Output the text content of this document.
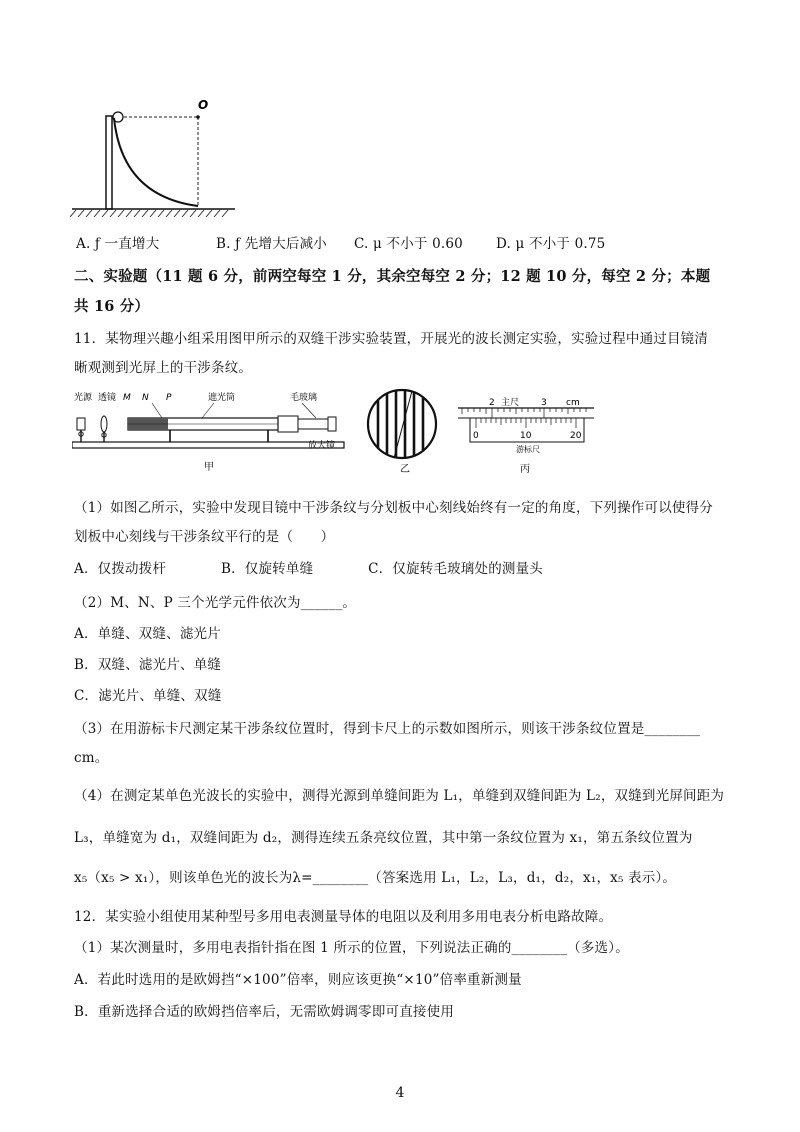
O
A. ƒ 一直增大	B. ƒ 先增大后减小 C. μ 不小于 0.60 D. μ 不小于 0.75
二、实验题（11 题 6 分，前两空每空 1 分，其余空每空 2 分；12 题 10 分，每空 2 分；本题
共 16 分）
11．某物理兴趣小组采用图甲所示的双缝干涉实验装置，开展光的波长测定实验，实验过程中通过目镜清
晰观测到光屏上的干涉条纹。
光源 透镜 M N P	遮光筒	毛玻璃
放大镜
甲	乙
2 主尺 3 cm
0	10	20
游标尺
丙
（1）如图乙所示，实验中发现目镜中干涉条纹与分划板中心刻线始终有一定的角度，下列操作可以使得分
划板中心刻线与干涉条纹平行的是（　　）
A．仅拨动拨杆　　　　B．仅旋转单缝　　　　C．仅旋转毛玻璃处的测量头
（2）M、N、P 三个光学元件依次为______。
A．单缝、双缝、滤光片
B．双缝、滤光片、单缝
C．滤光片、单缝、双缝
（3）在用游标卡尺测定某干涉条纹位置时，得到卡尺上的示数如图所示，则该干涉条纹位置是________
cm。
（4）在测定某单色光波长的实验中，测得光源到单缝间距为 L₁，单缝到双缝间距为 L₂，双缝到光屏间距为
L₃，单缝宽为 d₁，双缝间距为 d₂，测得连续五条亮纹位置，其中第一条纹位置为 x₁，第五条纹位置为
x₅（x₅ > x₁），则该单色光的波长为λ=________（答案选用 L₁，L₂，L₃，d₁，d₂，x₁，x₅ 表示）。
12．某实验小组使用某种型号多用电表测量导体的电阻以及利用多用电表分析电路故障。
（1）某次测量时，多用电表指针指在图 1 所示的位置，下列说法正确的________（多选）。
A．若此时选用的是欧姆挡“×100”倍率，则应该更换“×10”倍率重新测量
B．重新选择合适的欧姆挡倍率后，无需欧姆调零即可直接使用
4
